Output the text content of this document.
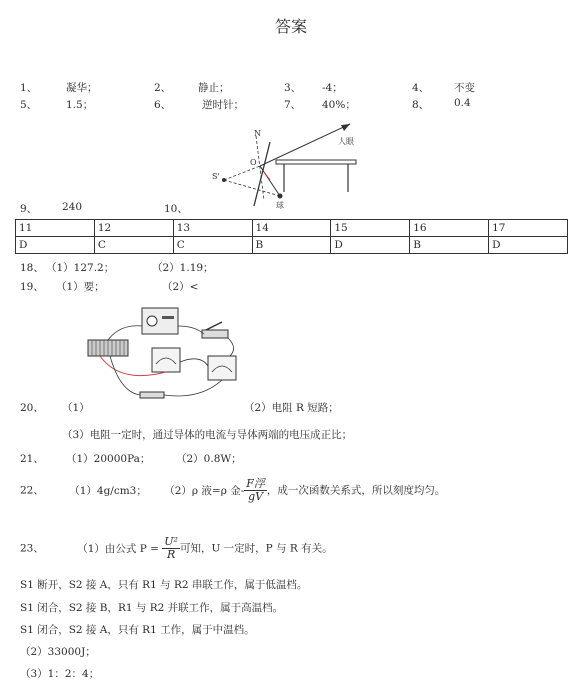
答案
1、	凝华；	2、	静止；	3、 -4；	4、 不变
5、	1.5；	6、	逆时针；	7、 40%；	8、 0.4
N
O
S'
人眼
球
9、 240	10、
11	12	13	14	15	16	17
D	C	C	B	D	B	D
18、 （1）127.2；	（2）1.19；
19、 （1）要；	（2）<
20、 （1）	（2）电阻 R 短路；
（3）电阻一定时，通过导体的电流与导体两端的电压成正比；
21、 （1）20000Pa； （2）0.8W；
22、 （1）4g/cm3； （2）ρ 液=ρ 金- $\frac{\text{F浮}}{gV}$ ，成一次函数关系式，所以刻度均匀。
23、	（1）由公式 $P = \frac{\text{U²}}{R}$ 可知，U 一定时，P 与 R 有关。
S1 断开，S2 接 A，只有 R1 与 R2 串联工作，属于低温档。
S1 闭合，S2 接 B，R1 与 R2 并联工作，属于高温档。
S1 闭合，S2 接 A，只有 R1 工作，属于中温档。
（2）33000J；
（3）1：2：4；
